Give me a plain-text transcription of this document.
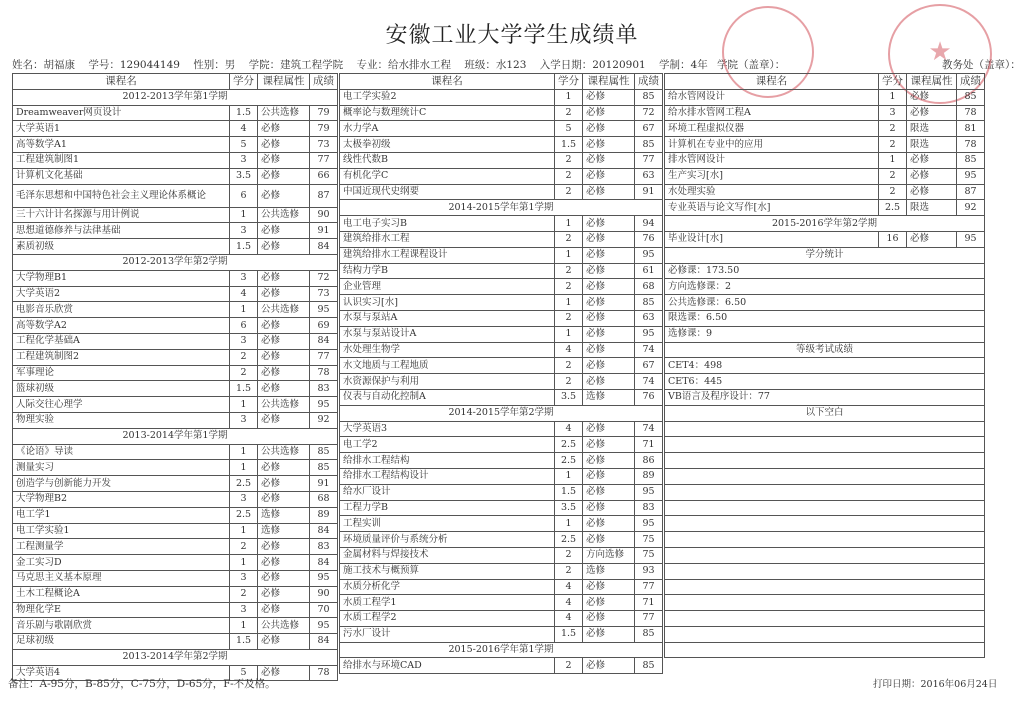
安徽工业大学学生成绩单
姓名：胡福康 学号：129044149 性别：男 学院：建筑工程学院 专业：给水排水工程 班级：水123 入学日期：20120901 学制：4年 学院（盖章）：	教务处（盖章）：
★
课程名	学分	课程属性	成绩
2012-2013学年第1学期			
Dreamweaver网页设计	1.5	公共选修	79
大学英语1	4	必修	79
高等数学A1	5	必修	73
工程建筑制图1	3	必修	77
计算机文化基础	3.5	必修	66
毛泽东思想和中国特色社会主义理论体系概论	6	必修	87
三十六计计名探源与用计例说	1	公共选修	90
思想道德修养与法律基础	3	必修	91
素质初级	1.5	必修	84
2012-2013学年第2学期			
大学物理B1	3	必修	72
大学英语2	4	必修	73
电影音乐欣赏	1	公共选修	95
高等数学A2	6	必修	69
工程化学基础A	3	必修	84
工程建筑制图2	2	必修	77
军事理论	2	必修	78
篮球初级	1.5	必修	83
人际交往心理学	1	公共选修	95
物理实验	3	必修	92
2013-2014学年第1学期			
《论语》导读	1	公共选修	85
测量实习	1	必修	85
创造学与创新能力开发	2.5	必修	91
大学物理B2	3	必修	68
电工学1	2.5	选修	89
电工学实验1	1	选修	84
工程测量学	2	必修	83
金工实习D	1	必修	84
马克思主义基本原理	3	必修	95
土木工程概论A	2	必修	90
物理化学E	3	必修	70
音乐剧与歌剧欣赏	1	公共选修	95
足球初级	1.5	必修	84
2013-2014学年第2学期			
大学英语4	5	必修	78
课程名	学分	课程属性	成绩
电工学实验2	1	必修	85
概率论与数理统计C	2	必修	72
水力学A	5	必修	67
太极拳初级	1.5	必修	85
线性代数B	2	必修	77
有机化学C	2	必修	63
中国近现代史纲要	2	必修	91
2014-2015学年第1学期			
电工电子实习B	1	必修	94
建筑给排水工程	2	必修	76
建筑给排水工程课程设计	1	必修	95
结构力学B	2	必修	61
企业管理	2	必修	68
认识实习[水]	1	必修	85
水泵与泵站A	2	必修	63
水泵与泵站设计A	1	必修	95
水处理生物学	4	必修	74
水文地质与工程地质	2	必修	67
水资源保护与利用	2	必修	74
仪表与自动化控制A	3.5	选修	76
2014-2015学年第2学期			
大学英语3	4	必修	74
电工学2	2.5	必修	71
给排水工程结构	2.5	必修	86
给排水工程结构设计	1	必修	89
给水厂设计	1.5	必修	95
工程力学B	3.5	必修	83
工程实训	1	必修	95
环境质量评价与系统分析	2.5	必修	75
金属材料与焊接技术	2	方向选修	75
施工技术与概预算	2	选修	93
水质分析化学	4	必修	77
水质工程学1	4	必修	71
水质工程学2	4	必修	77
污水厂设计	1.5	必修	85
2015-2016学年第1学期			
给排水与环境CAD	2	必修	85
课程名	学分	课程属性	成绩
给水管网设计	1	必修	85
给水排水管网工程A	3	必修	78
环境工程虚拟仪器	2	限选	81
计算机在专业中的应用	2	限选	78
排水管网设计	1	必修	85
生产实习[水]	2	必修	95
水处理实验	2	必修	87
专业英语与论文写作[水]	2.5	限选	92
2015-2016学年第2学期			
毕业设计[水]	16	必修	95
学分统计			
必修课：173.50			
方向选修课：2			
公共选修课：6.50			
限选课：6.50			
选修课：9			
等级考试成绩			
CET4：498			
CET6：445			
VB语言及程序设计：77			
以下空白			

备注：A-95分，B-85分，C-75分，D-65分，F-不及格。	打印日期：2016年06月24日
